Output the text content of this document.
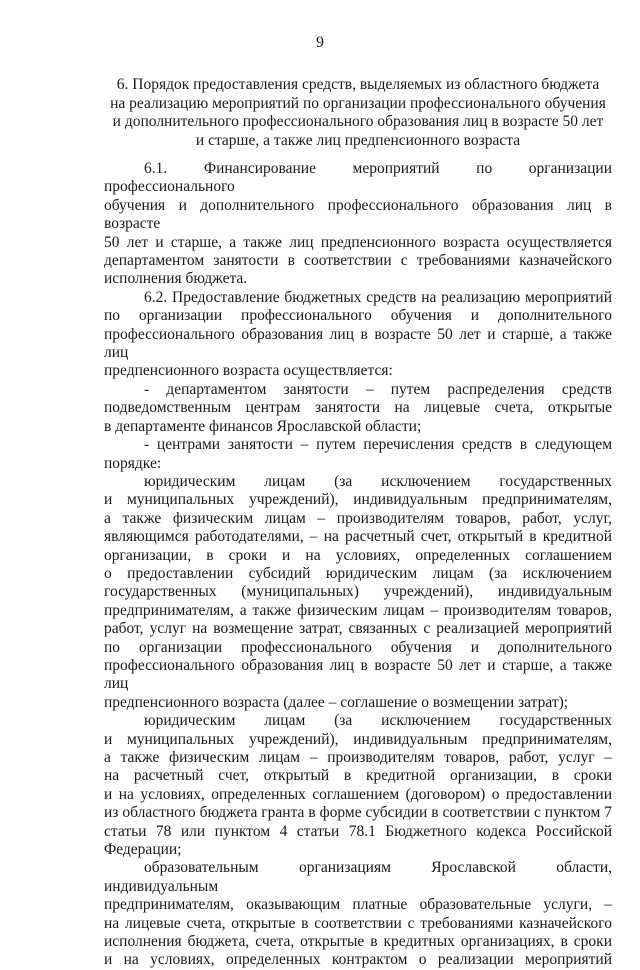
9
6. Порядок предоставления средств, выделяемых из областного бюджета
на реализацию мероприятий по организации профессионального обучения
и дополнительного профессионального образования лиц в возрасте 50 лет
и старше, а также лиц предпенсионного возраста

6.1. Финансирование мероприятий по организации профессионального

обучения и дополнительного профессионального образования лиц в возрасте

50 лет и старше, а также лиц предпенсионного возраста осуществляется

департаментом занятости в соответствии с требованиями казначейского

исполнения бюджета.

6.2. Предоставление бюджетных средств на реализацию мероприятий

по организации профессионального обучения и дополнительного

профессионального образования лиц в возрасте 50 лет и старше, а также лиц

предпенсионного возраста осуществляется:

- департаментом занятости – путем распределения средств

подведомственным центрам занятости на лицевые счета, открытые

в департаменте финансов Ярославской области;

- центрами занятости – путем перечисления средств в следующем

порядке:

юридическим лицам (за исключением государственных

и муниципальных учреждений), индивидуальным предпринимателям,

а также физическим лицам – производителям товаров, работ, услуг,

являющимся работодателями, – на расчетный счет, открытый в кредитной

организации, в сроки и на условиях, определенных соглашением

о предоставлении субсидий юридическим лицам (за исключением

государственных (муниципальных) учреждений), индивидуальным

предпринимателям, а также физическим лицам – производителям товаров,

работ, услуг на возмещение затрат, связанных с реализацией мероприятий

по организации профессионального обучения и дополнительного

профессионального образования лиц в возрасте 50 лет и старше, а также лиц

предпенсионного возраста (далее – соглашение о возмещении затрат);

юридическим лицам (за исключением государственных

и муниципальных учреждений), индивидуальным предпринимателям,

а также физическим лицам – производителям товаров, работ, услуг –

на расчетный счет, открытый в кредитной организации, в сроки

и на условиях, определенных соглашением (договором) о предоставлении

из областного бюджета гранта в форме субсидии в соответствии с пунктом 7

статьи 78 или пунктом 4 статьи 78.1 Бюджетного кодекса Российской

Федерации;

образовательным организациям Ярославской области, индивидуальным

предпринимателям, оказывающим платные образовательные услуги, –

на лицевые счета, открытые в соответствии с требованиями казначейского

исполнения бюджета, счета, открытые в кредитных организациях, в сроки

и на условиях, определенных контрактом о реализации мероприятий
